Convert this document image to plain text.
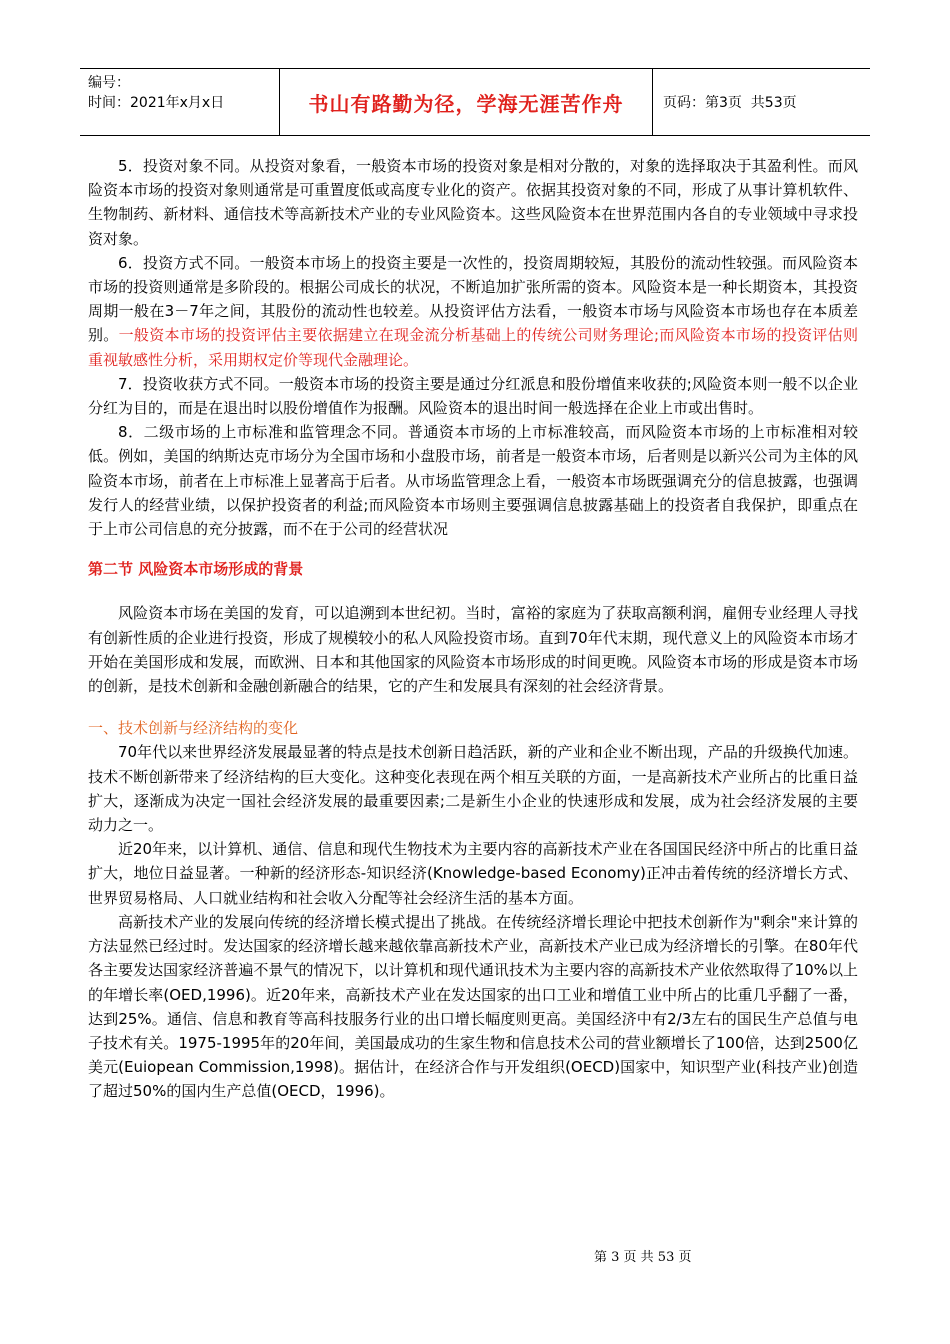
编号：
时间：2021年x月x日	书山有路勤为径，学海无涯苦作舟	页码：第3页  共53页

5．投资对象不同。从投资对象看，一般资本市场的投资对象是相对分散的，对象的选择取决于其盈利性。而风险资本市场的投资对象则通常是可重置度低或高度专业化的资产。依据其投资对象的不同，形成了从事计算机软件、生物制药、新材料、通信技术等高新技术产业的专业风险资本。这些风险资本在世界范围内各自的专业领域中寻求投资对象。

6．投资方式不同。一般资本市场上的投资主要是一次性的，投资周期较短，其股份的流动性较强。而风险资本市场的投资则通常是多阶段的。根据公司成长的状况，不断追加扩张所需的资本。风险资本是一种长期资本，其投资周期一般在3－7年之间，其股份的流动性也较差。从投资评估方法看，一般资本市场与风险资本市场也存在本质差别。一般资本市场的投资评估主要依据建立在现金流分析基础上的传统公司财务理论;而风险资本市场的投资评估则重视敏感性分析，采用期权定价等现代金融理论。

7．投资收获方式不同。一般资本市场的投资主要是通过分红派息和股份增值来收获的;风险资本则一般不以企业分红为目的，而是在退出时以股份增值作为报酬。风险资本的退出时间一般选择在企业上市或出售时。

8．二级市场的上市标准和监管理念不同。普通资本市场的上市标准较高，而风险资本市场的上市标准相对较低。例如，美国的纳斯达克市场分为全国市场和小盘股市场，前者是一般资本市场，后者则是以新兴公司为主体的风险资本市场，前者在上市标准上显著高于后者。从市场监管理念上看，一般资本市场既强调充分的信息披露，也强调发行人的经营业绩，以保护投资者的利益;而风险资本市场则主要强调信息披露基础上的投资者自我保护，即重点在于上市公司信息的充分披露，而不在于公司的经营状况

第二节 风险资本市场形成的背景

风险资本市场在美国的发育，可以追溯到本世纪初。当时，富裕的家庭为了获取高额利润，雇佣专业经理人寻找有创新性质的企业进行投资，形成了规模较小的私人风险投资市场。直到70年代末期，现代意义上的风险资本市场才开始在美国形成和发展，而欧洲、日本和其他国家的风险资本市场形成的时间更晚。风险资本市场的形成是资本市场的创新，是技术创新和金融创新融合的结果，它的产生和发展具有深刻的社会经济背景。

一、技术创新与经济结构的变化

70年代以来世界经济发展最显著的特点是技术创新日趋活跃，新的产业和企业不断出现，产品的升级换代加速。技术不断创新带来了经济结构的巨大变化。这种变化表现在两个相互关联的方面，一是高新技术产业所占的比重日益扩大，逐渐成为决定一国社会经济发展的最重要因素;二是新生小企业的快速形成和发展，成为社会经济发展的主要动力之一。

近20年来，以计算机、通信、信息和现代生物技术为主要内容的高新技术产业在各国国民经济中所占的比重日益扩大，地位日益显著。一种新的经济形态-知识经济(Knowledge-based Economy)正冲击着传统的经济增长方式、世界贸易格局、人口就业结构和社会收入分配等社会经济生活的基本方面。

高新技术产业的发展向传统的经济增长模式提出了挑战。在传统经济增长理论中把技术创新作为"剩余"来计算的方法显然已经过时。发达国家的经济增长越来越依靠高新技术产业，高新技术产业已成为经济增长的引擎。在80年代各主要发达国家经济普遍不景气的情况下，以计算机和现代通讯技术为主要内容的高新技术产业依然取得了10%以上的年增长率(OED,1996)。近20年来，高新技术产业在发达国家的出口工业和增值工业中所占的比重几乎翻了一番，达到25%。通信、信息和教育等高科技服务行业的出口增长幅度则更高。美国经济中有2/3左右的国民生产总值与电子技术有关。1975-1995年的20年间，美国最成功的生家生物和信息技术公司的营业额增长了100倍，达到2500亿美元(Euiopean Commission,1998)。据估计，在经济合作与开发组织(OECD)国家中，知识型产业(科技产业)创造了超过50%的国内生产总值(OECD，1996)。

第 3 页 共 53 页
